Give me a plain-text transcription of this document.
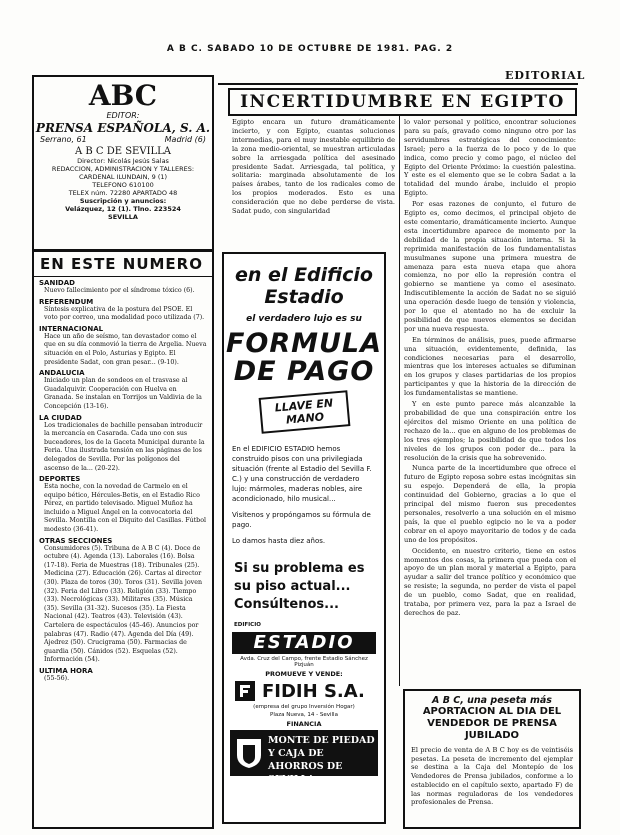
A B C. SABADO 10 DE OCTUBRE DE 1981. PAG. 2
ABC
EDITOR:
PRENSA ESPAÑOLA, S. A.
Serrano, 61	Madrid (6)
A B C DE SEVILLA
Director: Nicolás Jesús Salas
REDACCION, ADMINISTRACION Y TALLERES:
CARDENAL ILUNDAIN, 9 (1)
TELEFONO 610100
TELEX núm. 72280 APARTADO 48
Suscripción y anuncios:
Velázquez, 12 (1). Tlno. 223524
SEVILLA
EN ESTE NUMERO
SANIDAD
Nuevo fallecimiento por el síndrome tóxico (6).
REFERENDUM
Síntesis explicativa de la postura del PSOE. El voto por correo, una modalidad poco utilizada (7).
INTERNACIONAL
Hace un año de seísmo, tan devastador como el que en su día conmovió la tierra de Argelia. Nueva situación en el Polo, Asturias y Egipto. El presidente Sadat, con gran pesar... (9-10).
ANDALUCIA
Iniciado un plan de sondeos en el trasvase al Guadalquivir. Cooperación con Huelva en Granada. Se instalan en Torrijos un Valdivia de la Concepción (13-16).
LA CIUDAD
Los tradicionales de bachille pensaban introducir la mercancía en Casarada. Cada uno con sus buceadores, los de la Gaceta Municipal durante la Feria. Una ilustrada tensión en las páginas de los delegados de Sevilla. Por las polígonos del ascenso de la... (20-22).
DEPORTES
Esta noche, con la novedad de Carmelo en el equipo bético, Hércules-Betis, en el Estadio Rico Pérez, en partido televisado. Miguel Muñoz ha incluido a Miguel Ángel en la convocatoria del Sevilla. Montilla con el Diquito del Casillas. Fútbol modesto (36-41).
OTRAS SECCIONES
Consumidores (5). Tribuna de A B C (4). Doce de octubre (4). Agenda (13). Laborales (16). Bolsa (17-18). Feria de Muestras (18). Tribunales (25). Medicina (27). Educación (26). Cartas al director (30). Plaza de toros (30). Toros (31). Sevilla joven (32). Feria del Libro (33). Religión (33). Tiempo (33). Necrológicas (33). Militares (35). Música (35). Sevilla (31-32). Sucesos (35). La Fiesta Nacional (42). Teatros (43). Televisión (43). Cartelera de espectáculos (45-46). Anuncios por palabras (47). Radio (47). Agenda del Día (49). Ajedrez (50). Crucigrama (50). Farmacias de guardia (50). Cánidos (52). Esquelas (52). Información (54).
ULTIMA HORA
(55-56).
EDITORIAL
INCERTIDUMBRE EN EGIPTO
Egipto encara un futuro dramáticamente incierto, y con Egipto, cuantas soluciones intermedias, para el muy inestable equilibrio de la zona medio-oriental, se muestran articuladas sobre la arriesgada política del asesinado presidente Sadat. Arriesgada, tal política, y solitaria: marginada absolutamente de los países árabes, tanto de los radicales como de los propios moderados. Esto es una consideración que no debe perderse de vista. Sadat pudo, con singularidad

lo valor personal y político, encontrar soluciones para su país, gravado como ninguno otro por las servidumbres estratégicas del conocimiento: Israel; pero a la fuerza de lo poco y de lo que indica, como precio y como pago, el núcleo del Egipto del Oriente Próximo: la cuestión palestina. Y este es el elemento que se le cobra Sadat a la totalidad del mundo árabe, incluido el propio Egipto.

Por esas razones de conjunto, el futuro de Egipto es, como decimos, el principal objeto de este comentario, dramáticamente incierto. Aunque esta incertidumbre aparece de momento por la debilidad de la propia situación interna. Si la reprimida manifestación de los fundamentalistas musulmanes supone una primera muestra de amenaza para esta nueva etapa que ahora comienza, no por ello la represión contra el gobierno se mantiene ya como el asesinato. Indiscutiblemente la acción de Sadat no se siguió una operación desde luego de tensión y violencia, por lo que el atentado no ha de excluir la posibilidad de que nuevos elementos se decidan por una nueva respuesta.

En términos de análisis, pues, puede afirmarse una situación, evidentemente, definida, las condiciones necesarias para el desarrollo, mientras que los intereses actuales se difuminan en los grupos y clases partidarias de los propios participantes y que la historia de la dirección de los fundamentalistas se mantiene.

Y en este punto parece más alcanzable la probabilidad de que una conspiración entre los ejércitos del mismo Oriente en una política de rechazo de la... que en alguno de los problemas de los tres ejemplos; la posibilidad de que todos los niveles de los grupos con poder de... para la resolución de la crisis que ha sobrevenido.

Nunca parte de la incertidumbre que ofrece el futuro de Egipto reposa sobre estas incógnitas sin su espejo. Dependerá de ella, la propia continuidad del Gobierno, gracias a lo que el principal del mismo fueron sus precedentes personales, resolverlo a una solución en el mismo país, la que el pueblo egipcio no le va a poder cobrar en el apoyo mayoritario de todos y de cada uno de los propósitos.

Occidente, en nuestro criterio, tiene en estos momentos dos cosas, la primera que pueda con el apoyo de un plan moral y material a Egipto, para ayudar a salir del trance político y económico que se resiste; la segunda, no perder de vista el papel de un pueblo, como Sadat, que en realidad, trataba, por primera vez, para la paz a Israel de derechos de paz.

en el Edificio
Estadio
el verdadero lujo es su
FORMULA
DE PAGO
LLAVE EN MANO
En el EDIFICIO ESTADIO hemos construido pisos con una privilegiada situación (frente al Estadio del Sevilla F. C.) y una construcción de verdadero lujo: mármoles, maderas nobles, aire acondicionado, hilo musical...
Visítenos y propóngamos su fórmula de pago.
Lo damos hasta diez años.
Si su problema es su piso actual... Consúltenos...
EDIFICIO
ESTADIO
Avda. Cruz del Campo, frente Estadio Sánchez Pizjuán
PROMUEVE Y VENDE:
FIDIH S.A.
(empresa del grupo Inversión Hogar)
Plaza Nueva, 14 - Sevilla
FINANCIA
MONTE DE PIEDAD Y CAJA DE AHORROS DE SEVILLA
A B C, una peseta más
APORTACION AL DIA DEL VENDEDOR DE PRENSA JUBILADO
El precio de venta de A B C hoy es de veintiséis pesetas. La peseta de incremento del ejemplar se destina a la Caja del Montepío de los Vendedores de Prensa jubilados, conforme a lo establecido en el capítulo sexto, apartado F) de las normas reguladoras de los vendedores profesionales de Prensa.
